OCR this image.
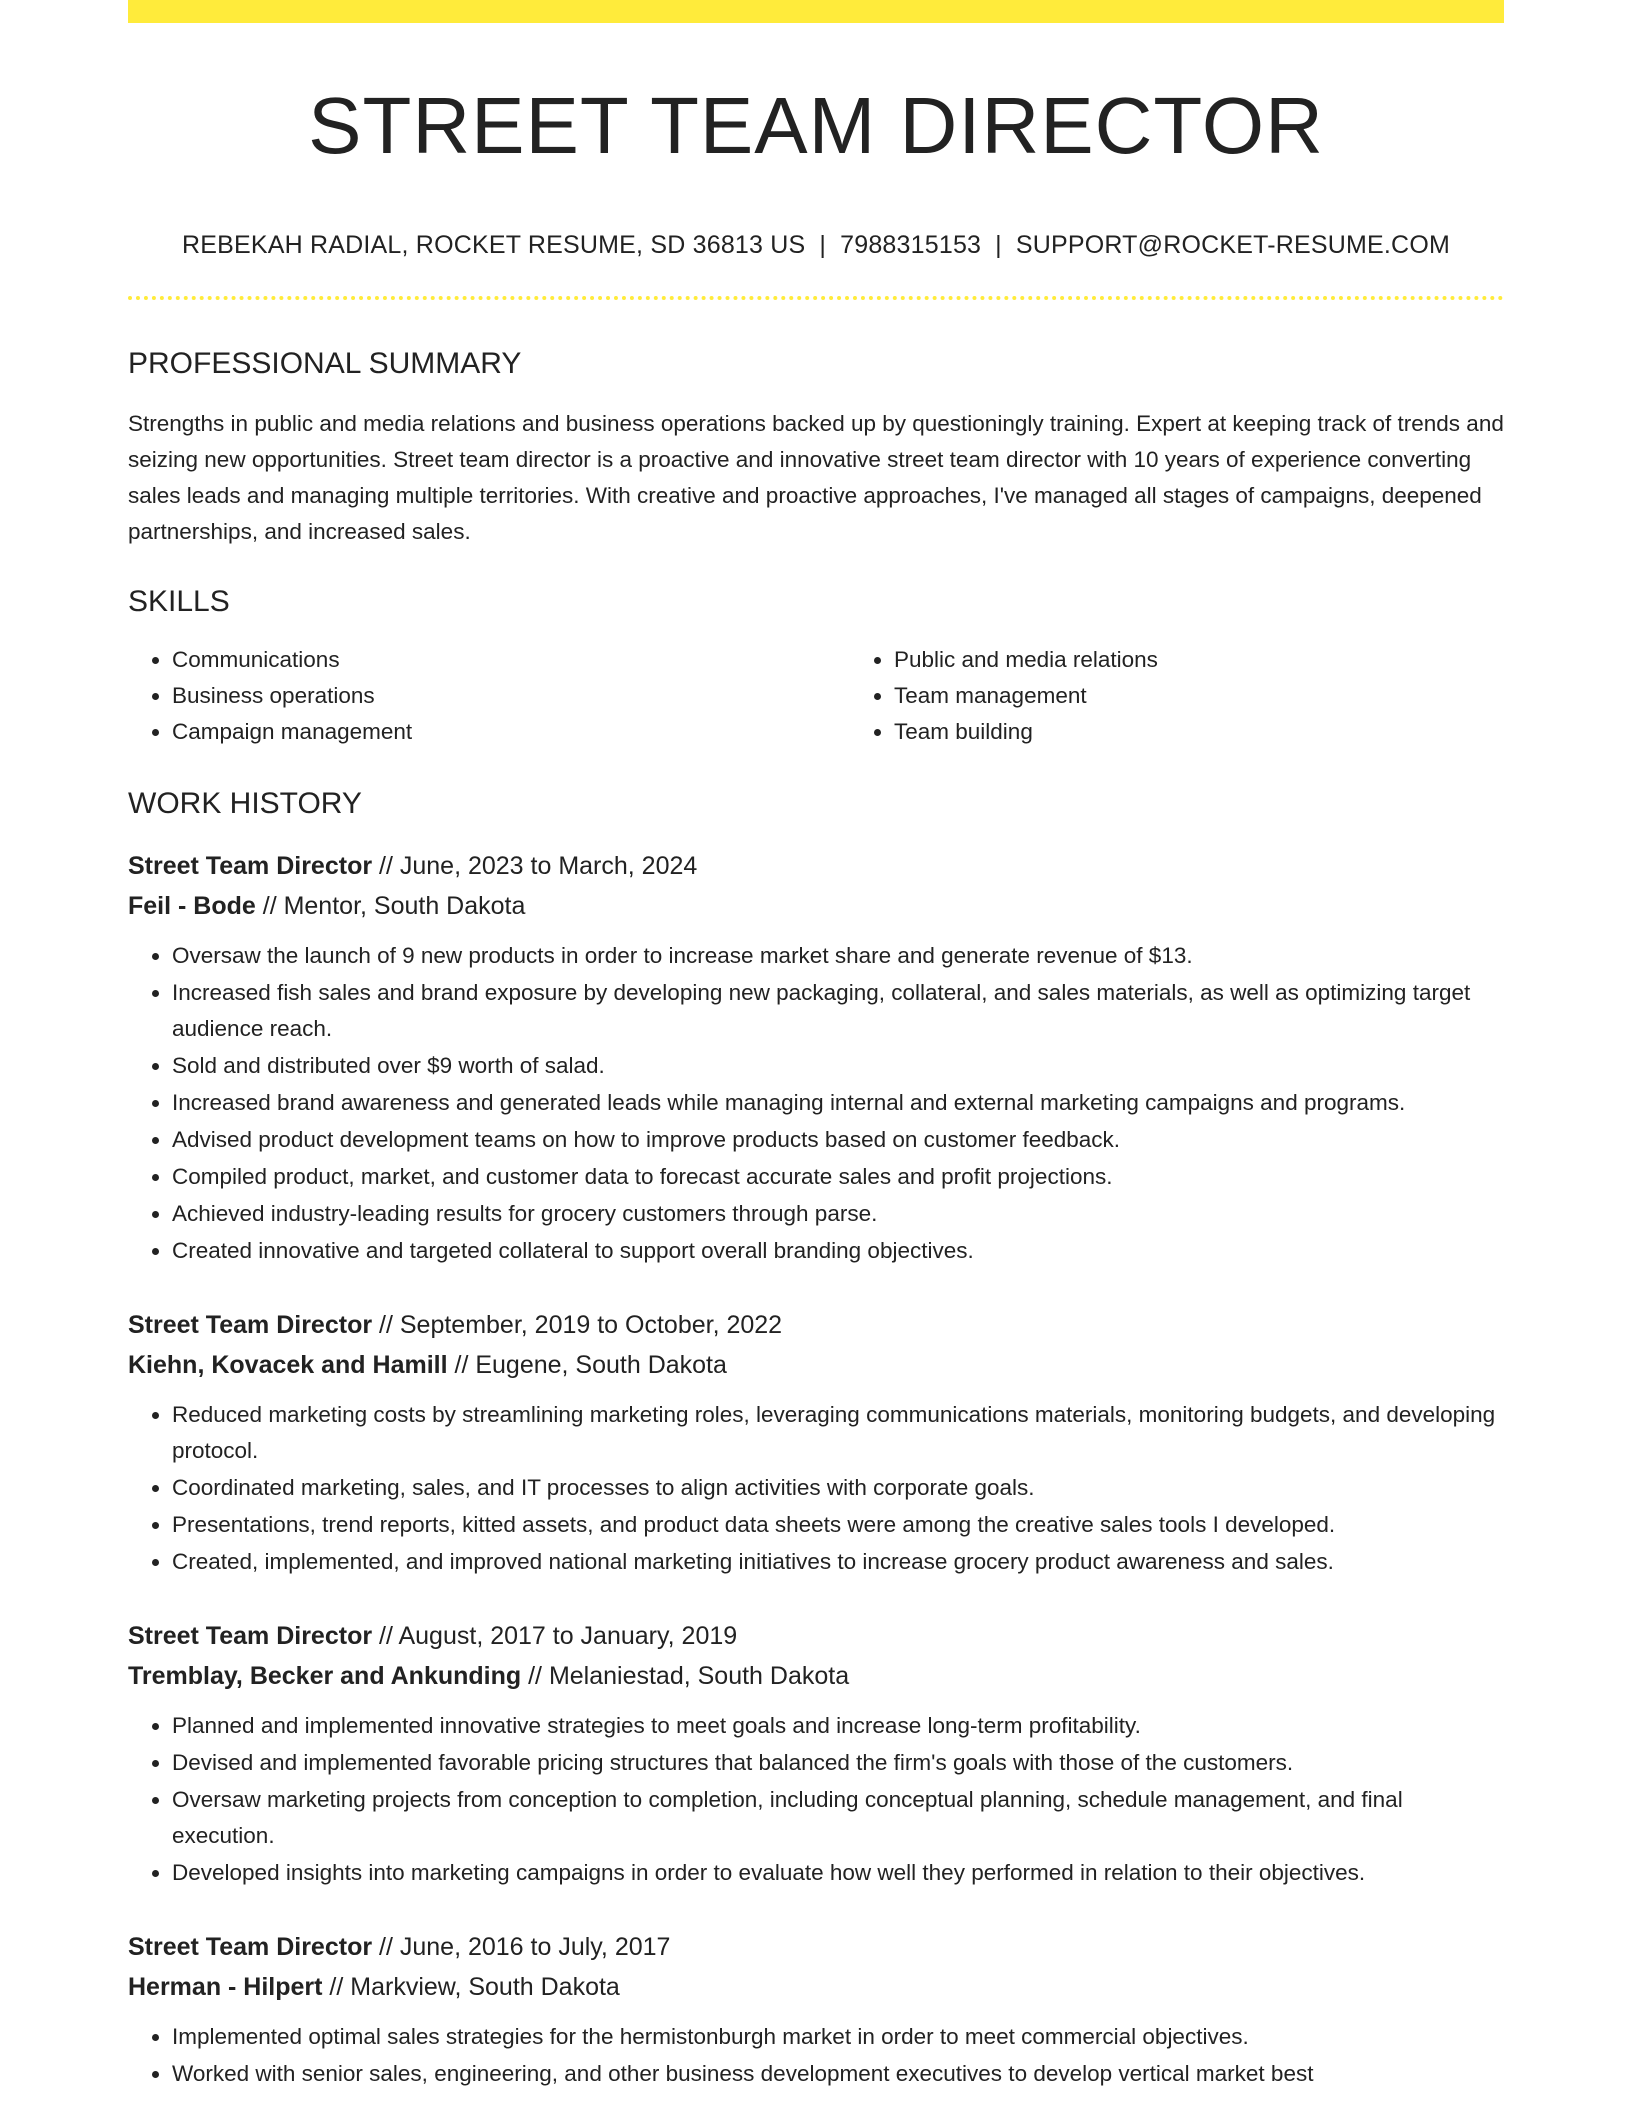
STREET TEAM DIRECTOR
REBEKAH RADIAL, ROCKET RESUME, SD 36813 US | 7988315153 | SUPPORT@ROCKET-RESUME.COM
PROFESSIONAL SUMMARY

Strengths in public and media relations and business operations backed up by questioningly training. Expert at keeping track of trends and seizing new opportunities. Street team director is a proactive and innovative street team director with 10 years of experience converting sales leads and managing multiple territories. With creative and proactive approaches, I've managed all stages of campaigns, deepened partnerships, and increased sales.

SKILLS
• Communications
• Business operations
• Campaign management
• Public and media relations
• Team management
• Team building
WORK HISTORY
Street Team Director // June, 2023 to March, 2024
Feil - Bode // Mentor, South Dakota
• Oversaw the launch of 9 new products in order to increase market share and generate revenue of $13.
• Increased fish sales and brand exposure by developing new packaging, collateral, and sales materials, as well as optimizing target audience reach.
• Sold and distributed over $9 worth of salad.
• Increased brand awareness and generated leads while managing internal and external marketing campaigns and programs.
• Advised product development teams on how to improve products based on customer feedback.
• Compiled product, market, and customer data to forecast accurate sales and profit projections.
• Achieved industry-leading results for grocery customers through parse.
• Created innovative and targeted collateral to support overall branding objectives.
Street Team Director // September, 2019 to October, 2022
Kiehn, Kovacek and Hamill // Eugene, South Dakota
• Reduced marketing costs by streamlining marketing roles, leveraging communications materials, monitoring budgets, and developing protocol.
• Coordinated marketing, sales, and IT processes to align activities with corporate goals.
• Presentations, trend reports, kitted assets, and product data sheets were among the creative sales tools I developed.
• Created, implemented, and improved national marketing initiatives to increase grocery product awareness and sales.
Street Team Director // August, 2017 to January, 2019
Tremblay, Becker and Ankunding // Melaniestad, South Dakota
• Planned and implemented innovative strategies to meet goals and increase long-term profitability.
• Devised and implemented favorable pricing structures that balanced the firm's goals with those of the customers.
• Oversaw marketing projects from conception to completion, including conceptual planning, schedule management, and final execution.
• Developed insights into marketing campaigns in order to evaluate how well they performed in relation to their objectives.
Street Team Director // June, 2016 to July, 2017
Herman - Hilpert // Markview, South Dakota
• Implemented optimal sales strategies for the hermistonburgh market in order to meet commercial objectives.
• Worked with senior sales, engineering, and other business development executives to develop vertical market best
